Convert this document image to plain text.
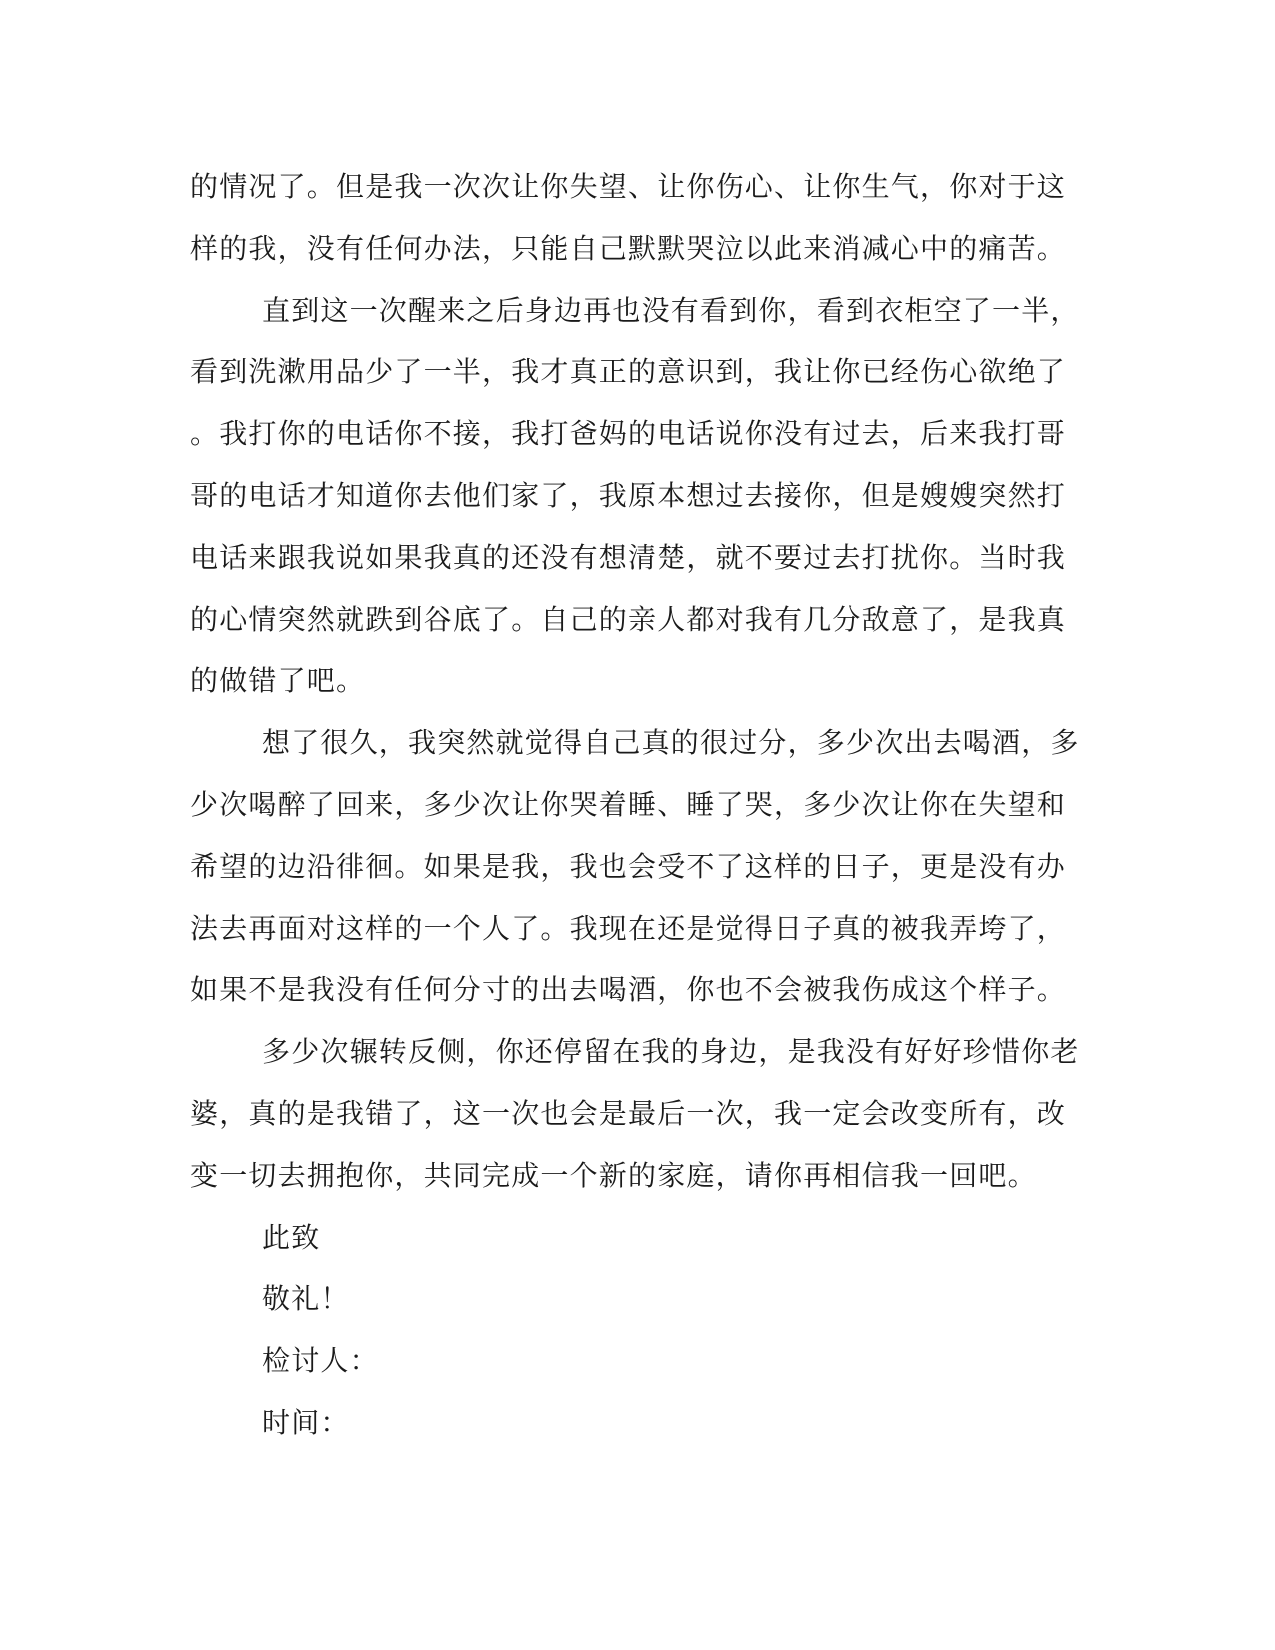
的情况了。但是我一次次让你失望、让你伤心、让你生气，你对于这
样的我，没有任何办法，只能自己默默哭泣以此来消减心中的痛苦。
直到这一次醒来之后身边再也没有看到你，看到衣柜空了一半，
看到洗漱用品少了一半，我才真正的意识到，我让你已经伤心欲绝了
。我打你的电话你不接，我打爸妈的电话说你没有过去，后来我打哥
哥的电话才知道你去他们家了，我原本想过去接你，但是嫂嫂突然打
电话来跟我说如果我真的还没有想清楚，就不要过去打扰你。当时我
的心情突然就跌到谷底了。自己的亲人都对我有几分敌意了，是我真
的做错了吧。
想了很久，我突然就觉得自己真的很过分，多少次出去喝酒，多
少次喝醉了回来，多少次让你哭着睡、睡了哭，多少次让你在失望和
希望的边沿徘徊。如果是我，我也会受不了这样的日子，更是没有办
法去再面对这样的一个人了。我现在还是觉得日子真的被我弄垮了，
如果不是我没有任何分寸的出去喝酒，你也不会被我伤成这个样子。
多少次辗转反侧，你还停留在我的身边，是我没有好好珍惜你老
婆，真的是我错了，这一次也会是最后一次，我一定会改变所有，改
变一切去拥抱你，共同完成一个新的家庭，请你再相信我一回吧。
此致
敬礼！
检讨人：
时间：
